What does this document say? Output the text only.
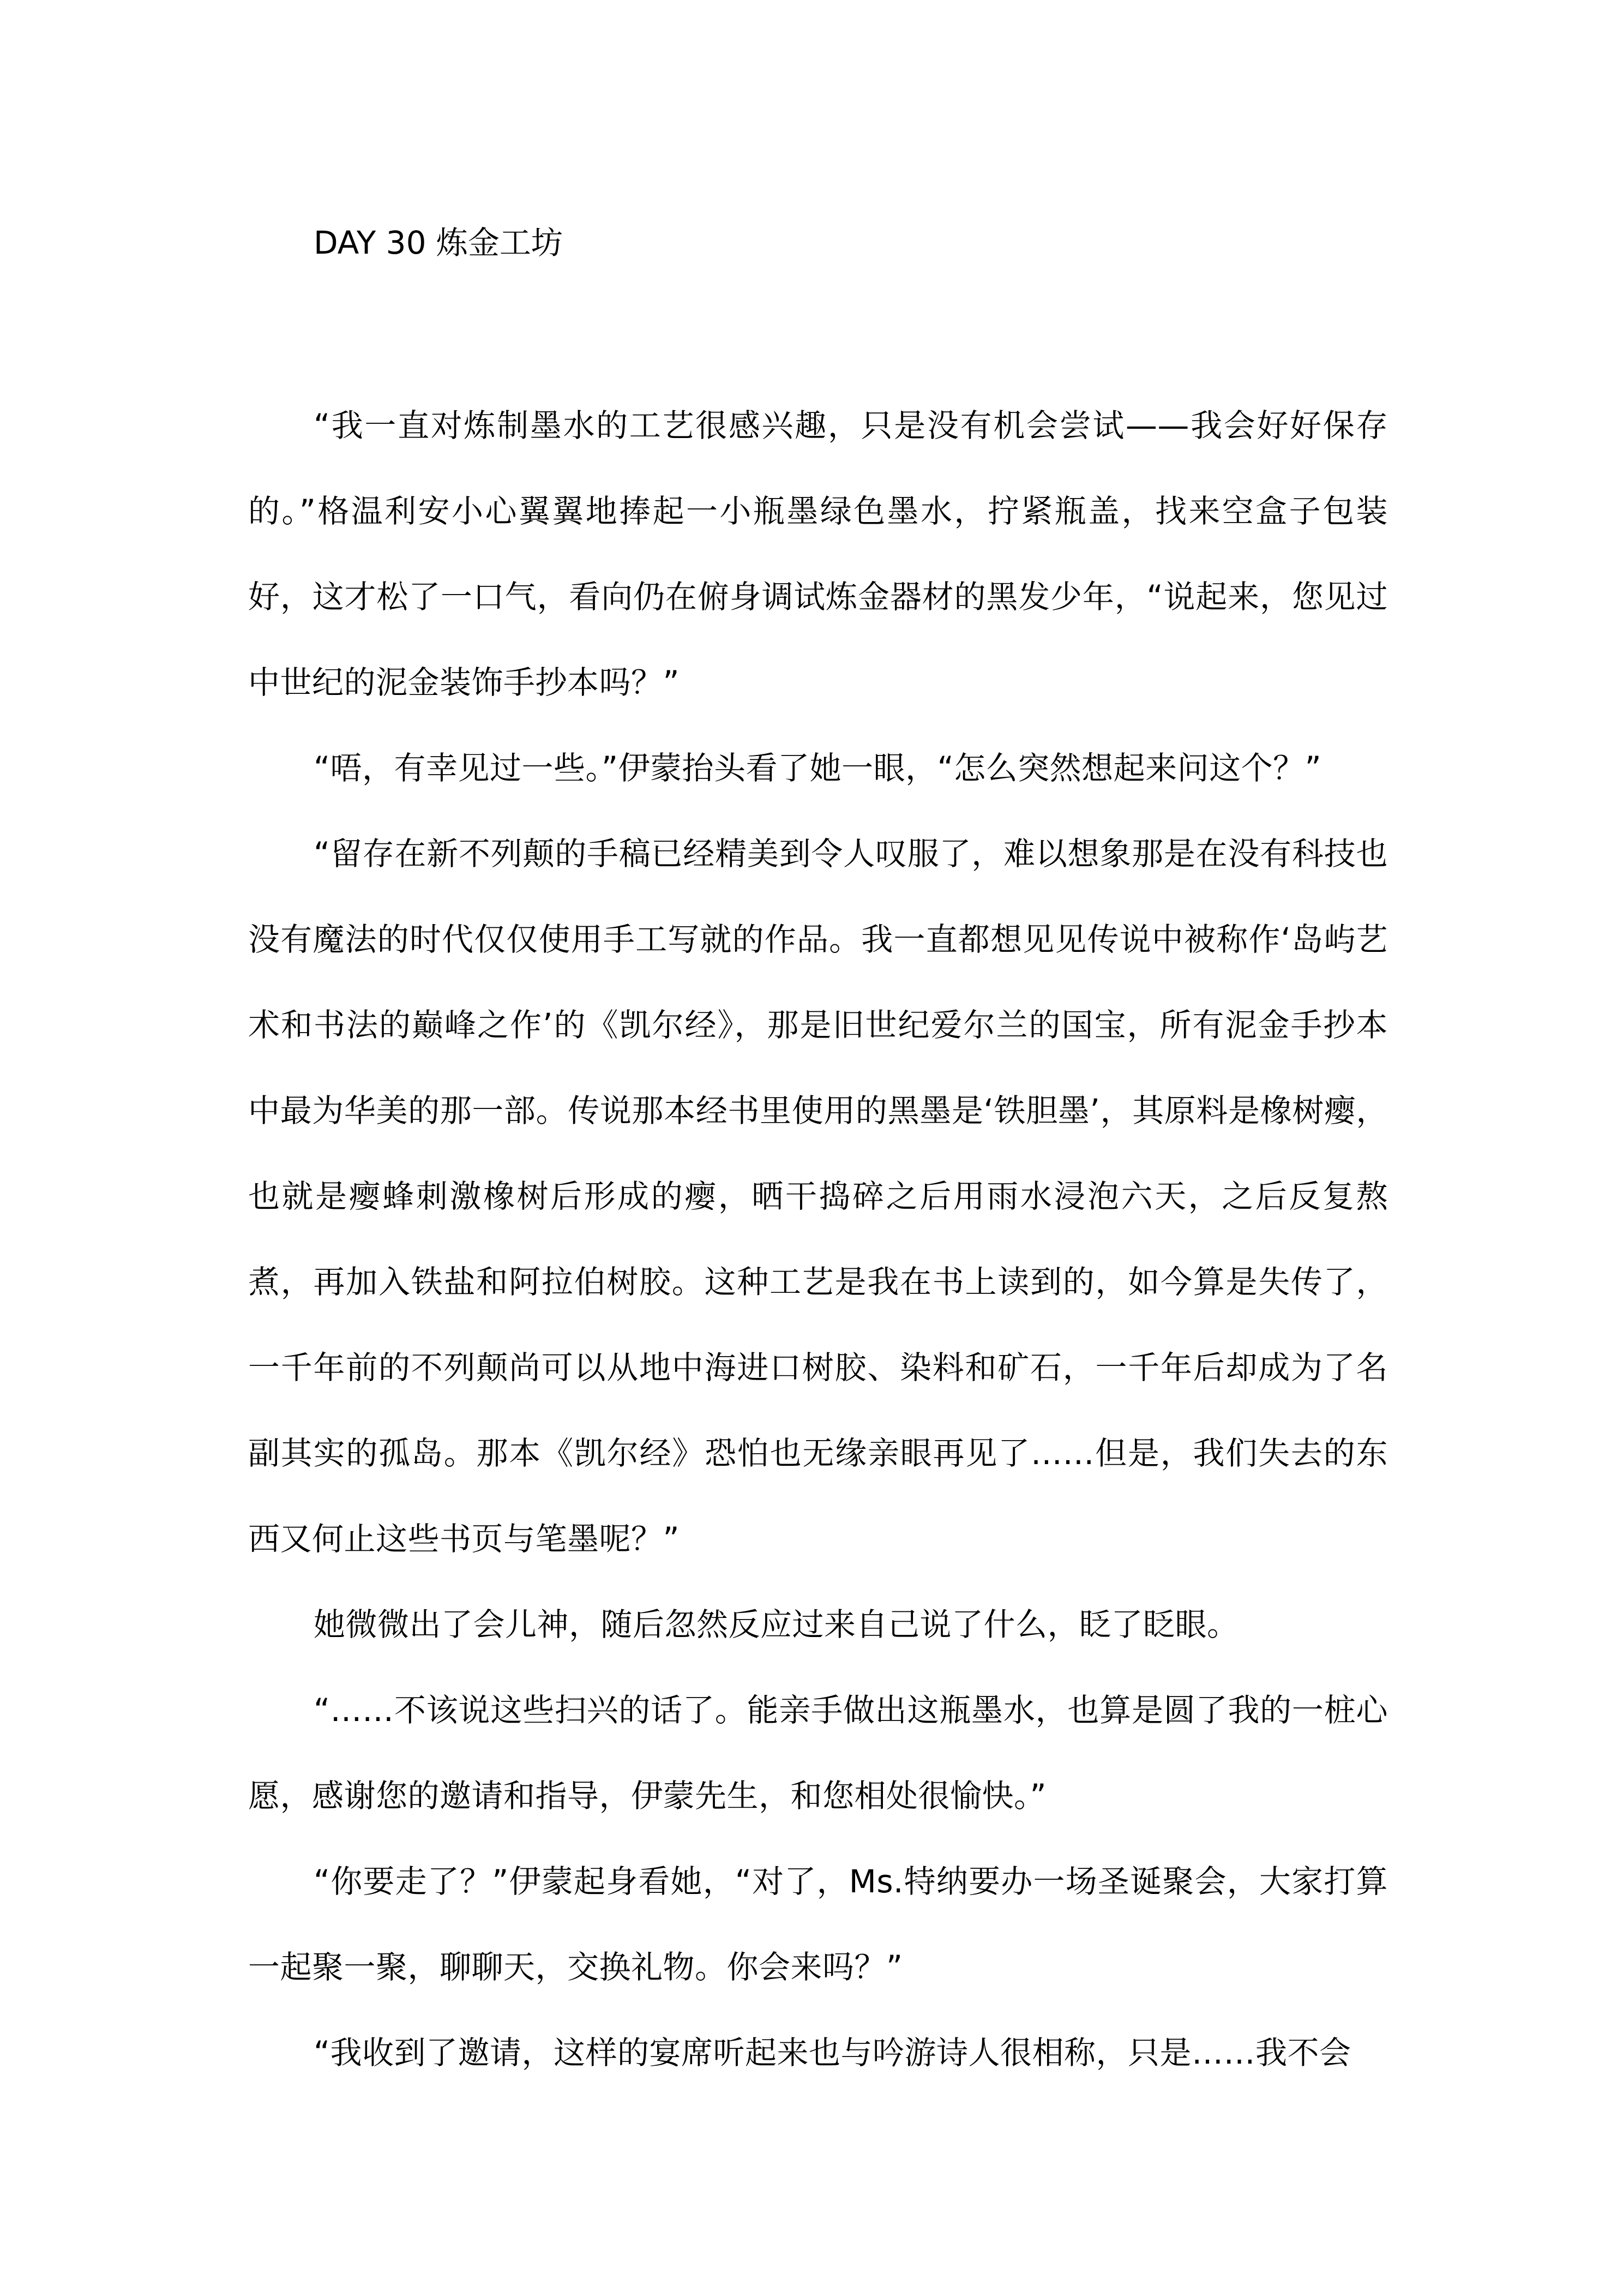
DAY 30 炼金工坊

“我一直对炼制墨水的工艺很感兴趣，只是没有机会尝试——我会好好保存的。”格温利安小心翼翼地捧起一小瓶墨绿色墨水，拧紧瓶盖，找来空盒子包装好，这才松了一口气，看向仍在俯身调试炼金器材的黑发少年，“说起来，您见过中世纪的泥金装饰手抄本吗？”

“唔，有幸见过一些。”伊蒙抬头看了她一眼，“怎么突然想起来问这个？”

“留存在新不列颠的手稿已经精美到令人叹服了，难以想象那是在没有科技也没有魔法的时代仅仅使用手工写就的作品。我一直都想见见传说中被称作‘岛屿艺术和书法的巅峰之作’的《凯尔经》，那是旧世纪爱尔兰的国宝，所有泥金手抄本中最为华美的那一部。传说那本经书里使用的黑墨是‘铁胆墨’，其原料是橡树瘿，也就是瘿蜂刺激橡树后形成的瘿，晒干捣碎之后用雨水浸泡六天，之后反复熬煮，再加入铁盐和阿拉伯树胶。这种工艺是我在书上读到的，如今算是失传了，一千年前的不列颠尚可以从地中海进口树胶、染料和矿石，一千年后却成为了名副其实的孤岛。那本《凯尔经》恐怕也无缘亲眼再见了……但是，我们失去的东西又何止这些书页与笔墨呢？”

她微微出了会儿神，随后忽然反应过来自己说了什么，眨了眨眼。

“……不该说这些扫兴的话了。能亲手做出这瓶墨水，也算是圆了我的一桩心愿，感谢您的邀请和指导，伊蒙先生，和您相处很愉快。”

“你要走了？”伊蒙起身看她，“对了，Ms.特纳要办一场圣诞聚会，大家打算一起聚一聚，聊聊天，交换礼物。你会来吗？”

“我收到了邀请，这样的宴席听起来也与吟游诗人很相称，只是……我不会
